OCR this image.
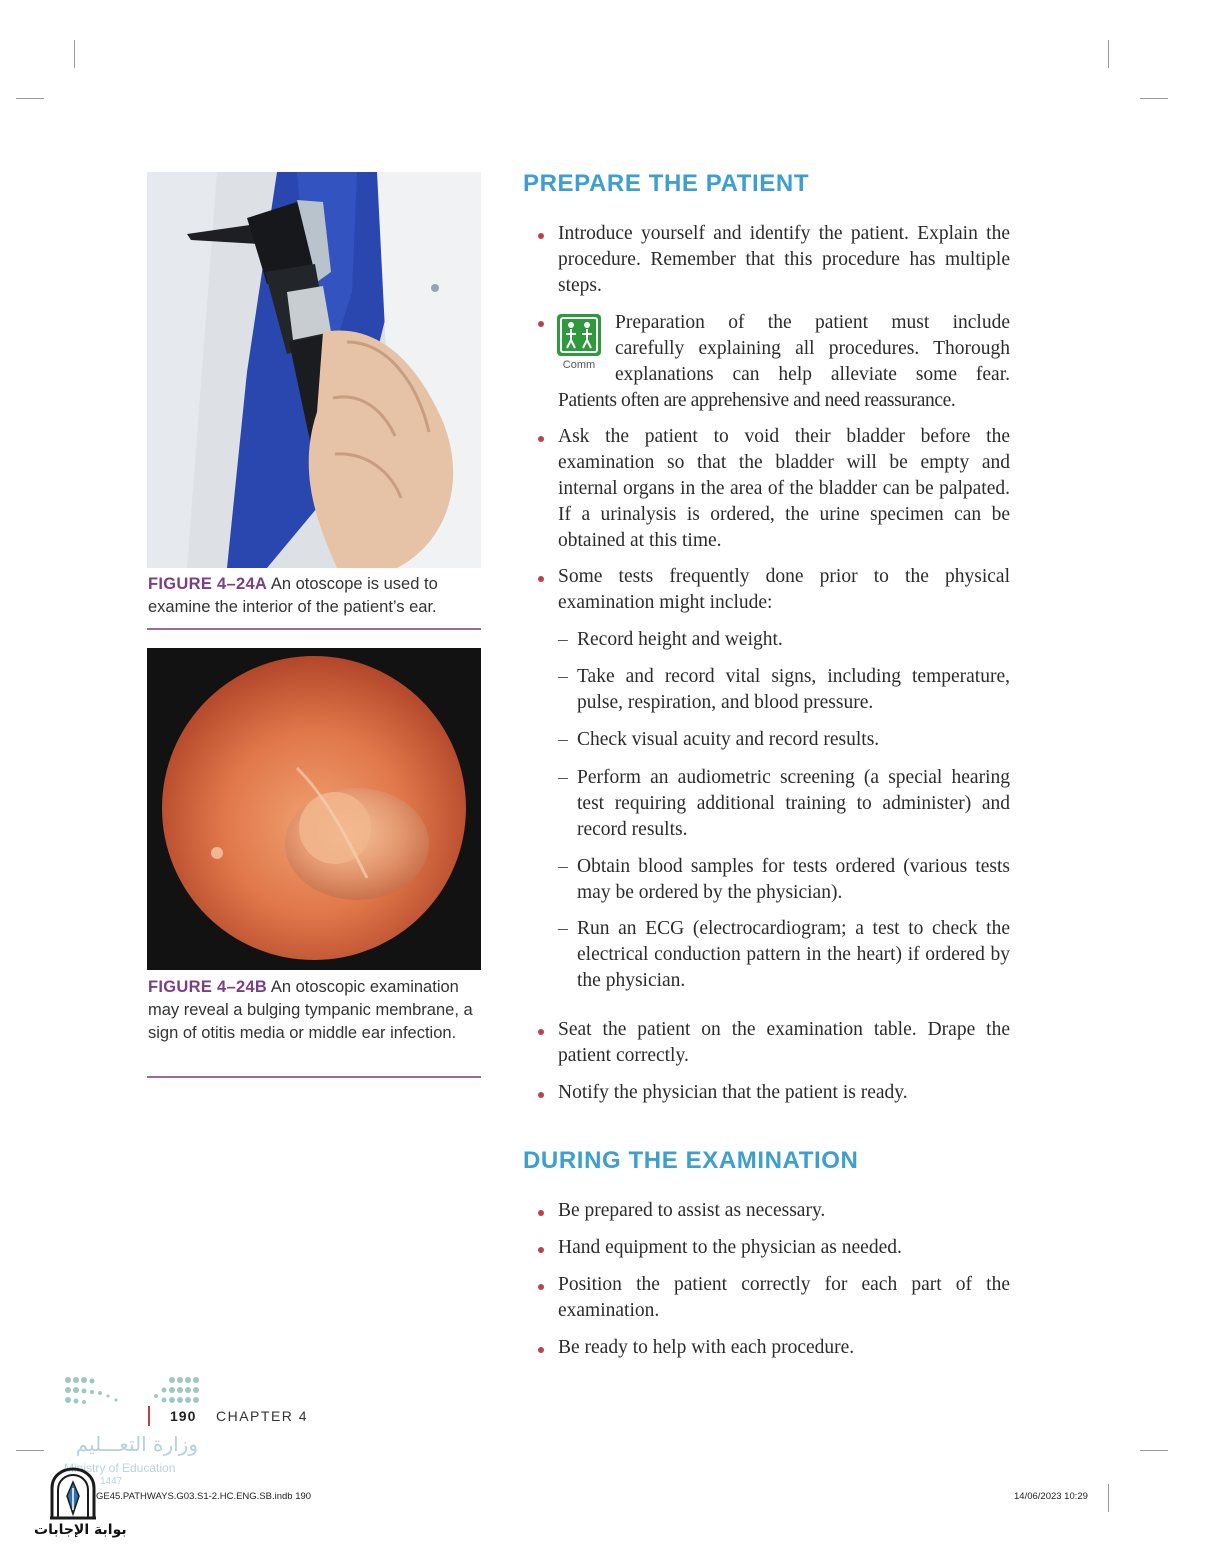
FIGURE 4–24A An otoscope is used to examine the interior of the patient’s ear.
FIGURE 4–24B An otoscopic examination may reveal a bulging tympanic membrane, a sign of otitis media or middle ear infection.
PREPARE THE PATIENT
Introduce yourself and identify the patient. Explain the procedure. Remember that this procedure has multiple steps.
Comm
Preparation of the patient must include
carefully explaining all procedures. Thorough
explanations can help alleviate some fear.
Patients often are apprehensive and need reassurance.
Ask the patient to void their bladder before the examination so that the bladder will be empty and internal organs in the area of the bladder can be palpated. If a urinalysis is ordered, the urine specimen can be obtained at this time.
Some tests frequently done prior to the physical examination might include:
– Record height and weight.
– Take and record vital signs, including temperature, pulse, respiration, and blood pressure.
– Check visual acuity and record results.
– Perform an audiometric screening (a special hearing test requiring additional training to administer) and record results.
– Obtain blood samples for tests ordered (various tests may be ordered by the physician).
– Run an ECG (electrocardiogram; a test to check the electrical conduction pattern in the heart) if ordered by the physician.
Seat the patient on the examination table. Drape the patient correctly.
Notify the physician that the patient is ready.
DURING THE EXAMINATION
Be prepared to assist as necessary.
Hand equipment to the physician as needed.
Position the patient correctly for each part of the examination.
Be ready to help with each procedure.
190 CHAPTER 4
وزارة التعـــليم
Ministry of Education
1447
GE45.PATHWAYS.G03.S1-2.HC.ENG.SB.indb 190	14/06/2023 10:29
بوابة الإجابات
